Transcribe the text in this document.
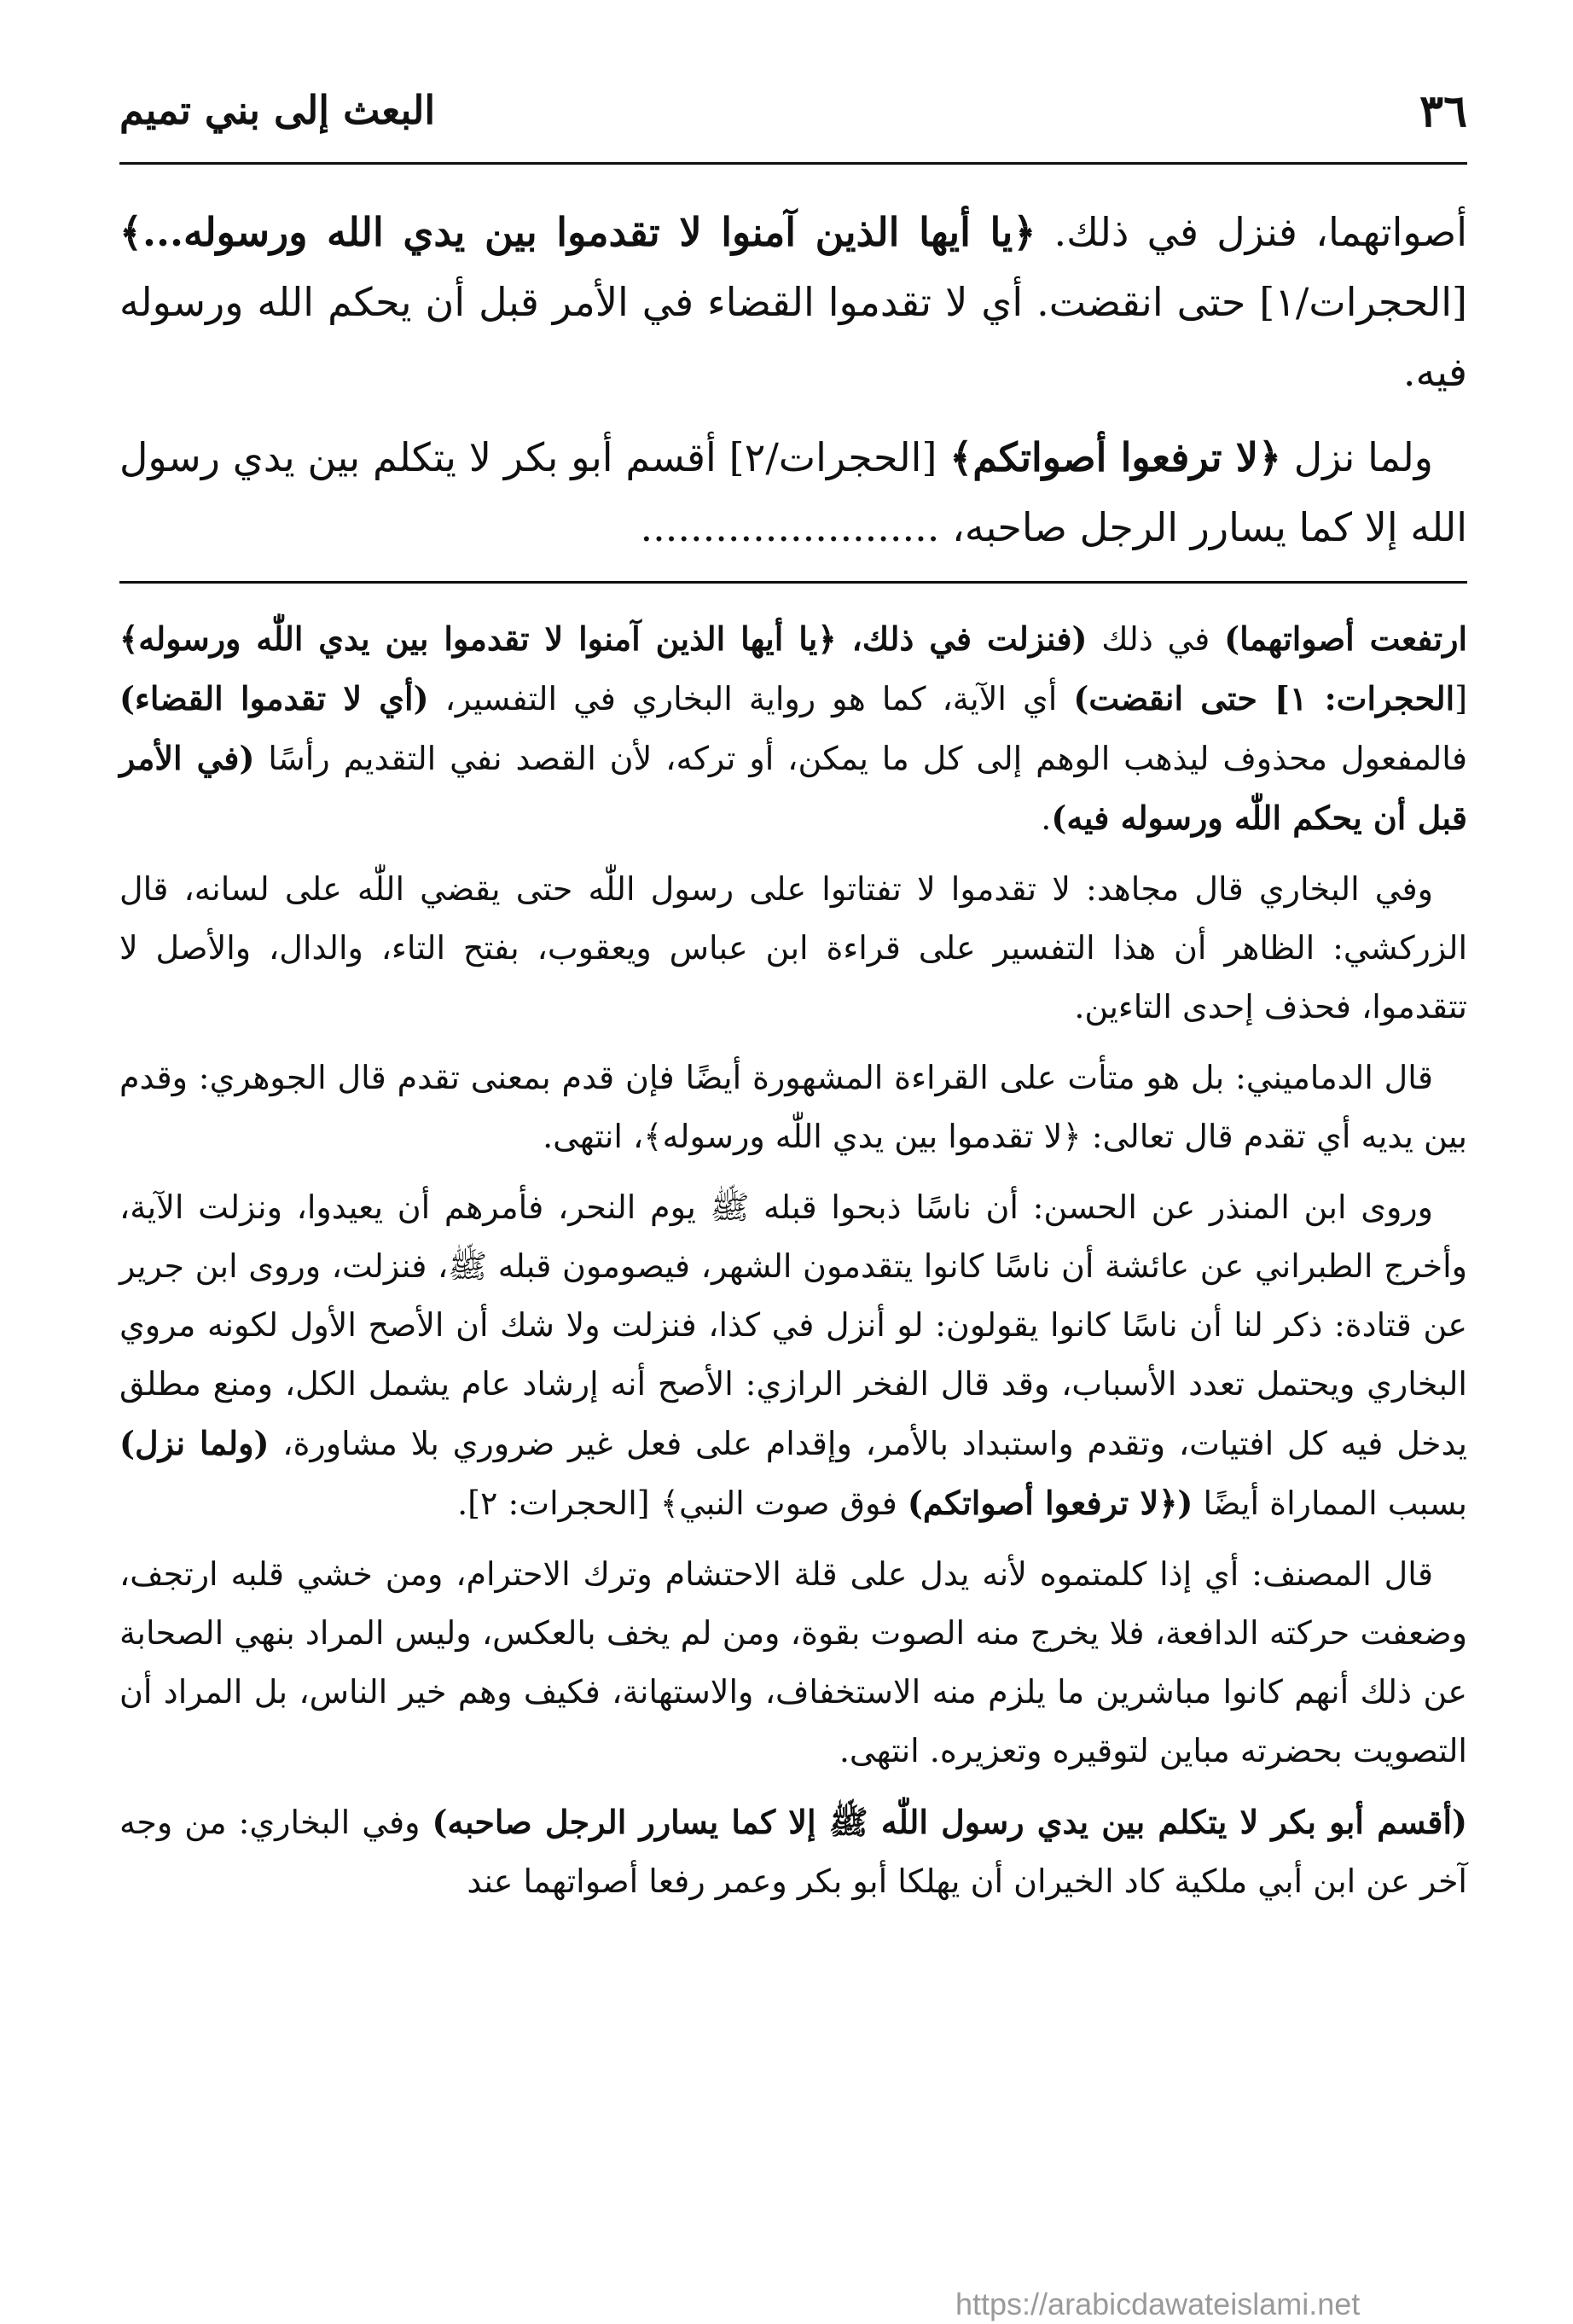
٣٦
البعث إلى بني تميم

أصواتهما، فنزل في ذلك. ﴿يا أيها الذين آمنوا لا تقدموا بين يدي الله ورسوله...﴾ [الحجرات/١] حتى انقضت. أي لا تقدموا القضاء في الأمر قبل أن يحكم الله ورسوله فيه.

ولما نزل ﴿لا ترفعوا أصواتكم﴾ [الحجرات/٢] أقسم أبو بكر لا يتكلم بين يدي رسول الله إلا كما يسارر الرجل صاحبه، ........................

ارتفعت أصواتهما) في ذلك (فنزلت في ذلك، ﴿يا أيها الذين آمنوا لا تقدموا بين يدي اللّٰه ورسوله﴾ [الحجرات: ١] حتى انقضت) أي الآية، كما هو رواية البخاري في التفسير، (أي لا تقدموا القضاء) فالمفعول محذوف ليذهب الوهم إلى كل ما يمكن، أو تركه، لأن القصد نفي التقديم رأسًا (في الأمر قبل أن يحكم اللّٰه ورسوله فيه).

وفي البخاري قال مجاهد: لا تقدموا لا تفتاتوا على رسول اللّٰه حتى يقضي اللّٰه على لسانه، قال الزركشي: الظاهر أن هذا التفسير على قراءة ابن عباس ويعقوب، بفتح التاء، والدال، والأصل لا تتقدموا، فحذف إحدى التاءين.

قال الدماميني: بل هو متأت على القراءة المشهورة أيضًا فإن قدم بمعنى تقدم قال الجوهري: وقدم بين يديه أي تقدم قال تعالى: ﴿لا تقدموا بين يدي اللّٰه ورسوله﴾، انتهى.

وروى ابن المنذر عن الحسن: أن ناسًا ذبحوا قبله ﷺ يوم النحر، فأمرهم أن يعيدوا، ونزلت الآية، وأخرج الطبراني عن عائشة أن ناسًا كانوا يتقدمون الشهر، فيصومون قبله ﷺ، فنزلت، وروى ابن جرير عن قتادة: ذكر لنا أن ناسًا كانوا يقولون: لو أنزل في كذا، فنزلت ولا شك أن الأصح الأول لكونه مروي البخاري ويحتمل تعدد الأسباب، وقد قال الفخر الرازي: الأصح أنه إرشاد عام يشمل الكل، ومنع مطلق يدخل فيه كل افتيات، وتقدم واستبداد بالأمر، وإقدام على فعل غير ضروري بلا مشاورة، (ولما نزل) بسبب المماراة أيضًا (﴿لا ترفعوا أصواتكم) فوق صوت النبي﴾ [الحجرات: ٢].

قال المصنف: أي إذا كلمتموه لأنه يدل على قلة الاحتشام وترك الاحترام، ومن خشي قلبه ارتجف، وضعفت حركته الدافعة، فلا يخرج منه الصوت بقوة، ومن لم يخف بالعكس، وليس المراد بنهي الصحابة عن ذلك أنهم كانوا مباشرين ما يلزم منه الاستخفاف، والاستهانة، فكيف وهم خير الناس، بل المراد أن التصويت بحضرته مباين لتوقيره وتعزيره. انتهى.

(أقسم أبو بكر لا يتكلم بين يدي رسول اللّٰه ﷺ إلا كما يسارر الرجل صاحبه) وفي البخاري: من وجه آخر عن ابن أبي ملكية كاد الخيران أن يهلكا أبو بكر وعمر رفعا أصواتهما عند

https://arabicdawateislami.net
